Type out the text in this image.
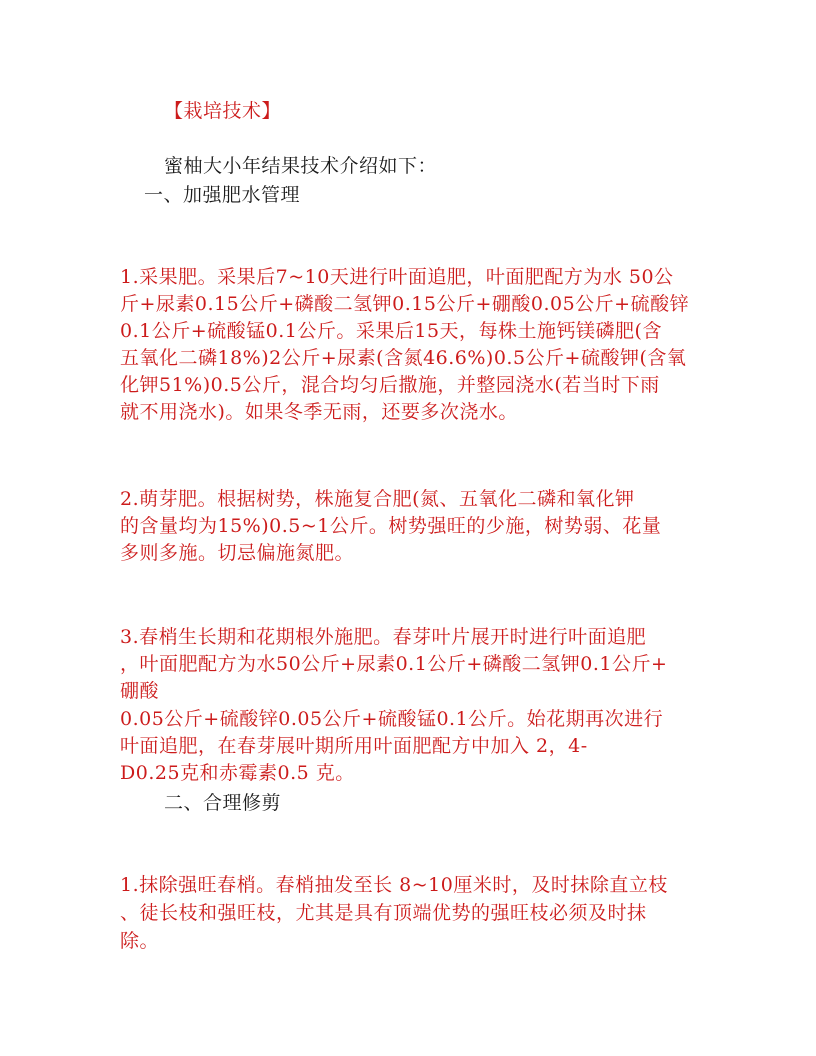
【栽培技术】
蜜柚大小年结果技术介绍如下：
一、加强肥水管理
1.采果肥。采果后7~10天进行叶面追肥，叶面肥配方为水 50公
斤+尿素0.15公斤+磷酸二氢钾0.15公斤+硼酸0.05公斤+硫酸锌
0.1公斤+硫酸锰0.1公斤。采果后15天，每株土施钙镁磷肥(含
五氧化二磷18%)2公斤+尿素(含氮46.6%)0.5公斤+硫酸钾(含氧
化钾51%)0.5公斤，混合均匀后撒施，并整园浇水(若当时下雨
就不用浇水)。如果冬季无雨，还要多次浇水。
2.萌芽肥。根据树势，株施复合肥(氮、五氧化二磷和氧化钾
的含量均为15%)0.5~1公斤。树势强旺的少施，树势弱、花量
多则多施。切忌偏施氮肥。
3.春梢生长期和花期根外施肥。春芽叶片展开时进行叶面追肥
，叶面肥配方为水50公斤+尿素0.1公斤+磷酸二氢钾0.1公斤+
硼酸
0.05公斤+硫酸锌0.05公斤+硫酸锰0.1公斤。始花期再次进行
叶面追肥，在春芽展叶期所用叶面肥配方中加入 2，4-
D0.25克和赤霉素0.5 克。
二、合理修剪
1.抹除强旺春梢。春梢抽发至长 8~10厘米时，及时抹除直立枝
、徒长枝和强旺枝，尤其是具有顶端优势的强旺枝必须及时抹
除。
